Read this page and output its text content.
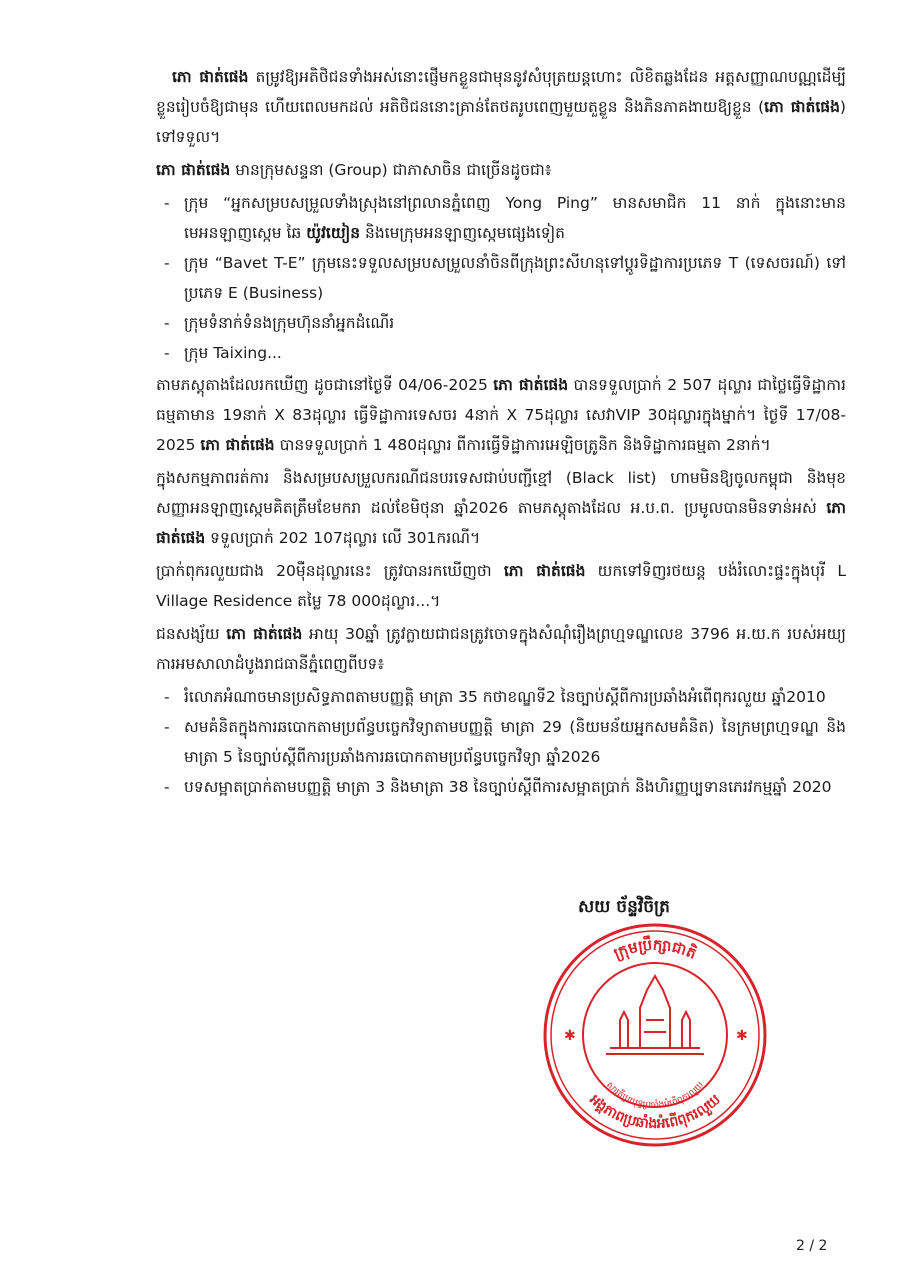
ភោ ផាត់ផេង តម្រូវឱ្យអតិថិជនទាំងអស់នោះផ្ញើមកខ្លួនជាមុននូវសំបុត្រយន្តហោះ លិខិតឆ្លងដែន អត្តសញ្ញាណបណ្ណដើម្បីខ្លួនរៀបចំឱ្យជាមុន ហើយពេលមកដល់ អតិថិជននោះគ្រាន់តែថតរូបពេញមួយតួខ្លួន និងភិនភាគងាយឱ្យខ្លួន (ភោ ផាត់ផេង) ទៅទទួល។

ភោ ផាត់ផេង មានក្រុមសន្ទនា (Group) ជាភាសាចិន ជាច្រើនដូចជា៖

- ក្រុម “អ្នកសម្របសម្រួលទាំងស្រុងនៅព្រលានភ្នំពេញ Yong Ping” មានសមាជិក 11 នាក់ ក្នុងនោះមានមេអនឡាញស្កេម ឆៃ យ៉ូវយៀន និងមេក្រុមអនឡាញស្កេមផ្សេងទៀត
- ក្រុម “Bavet T-E” ក្រុមនេះទទួលសម្របសម្រួលនាំចិនពីក្រុងព្រះសីហនុទៅប្តូរទិដ្ឋាការប្រភេទ T (ទេសចរណ៍) ទៅប្រភេទ E (Business)
- ក្រុមទំនាក់ទំនងក្រុមហ៊ុននាំអ្នកដំណើរ
- ក្រុម Taixing...

តាមភស្តុតាងដែលរកឃើញ ដូចជានៅថ្ងៃទី 04/06-2025 ភោ ផាត់ផេង បានទទួលប្រាក់ 2 507 ដុល្លារ ជាថ្លៃធ្វើទិដ្ឋាការធម្មតាមាន 19នាក់ X 83ដុល្លារ ធ្វើទិដ្ឋាការទេសចរ 4នាក់ X 75ដុល្លារ សេវាVIP 30ដុល្លារក្នុងម្នាក់។ ថ្ងៃទី 17/08-2025 ភោ ផាត់ផេង បានទទួលប្រាក់ 1 480ដុល្លារ ពីការធ្វើទិដ្ឋាការអេឡិចត្រូនិក និងទិដ្ឋាការធម្មតា 2នាក់។

ក្នុងសកម្មភាពរត់ការ និងសម្របសម្រួលករណីជនបរទេសជាប់បញ្ជីខ្មៅ (Black list) ហាមមិនឱ្យចូលកម្ពុជា និងមុខសញ្ញាអនឡាញស្កេមគិតត្រឹមខែមករា ដល់ខែមិថុនា ឆ្នាំ2026 តាមភស្តុតាងដែល អ.ប.ព. ប្រមូលបានមិនទាន់អស់ ភោ ផាត់ផេង ទទួលប្រាក់ 202 107ដុល្លារ លើ 301ករណី។

ប្រាក់ពុករលួយជាង 20ម៉ឺនដុល្លារនេះ ត្រូវបានរកឃើញថា ភោ ផាត់ផេង យកទៅទិញរថយន្ត បង់រំលោះផ្ទះក្នុងបុរី L Village Residence តម្លៃ 78 000ដុល្លារ...។

ជនសង្ស័យ ភោ ផាត់ផេង អាយុ 30ឆ្នាំ ត្រូវក្លាយជាជនត្រូវចោទក្នុងសំណុំរឿងព្រហ្មទណ្ឌលេខ 3796 អ.យ.ក របស់អយ្យការអមសាលាដំបូងរាជធានីភ្នំពេញពីបទ៖

- រំលោភអំណាចមានប្រសិទ្ធភាពតាមបញ្ញត្តិ មាត្រា 35 កថាខណ្ឌទី2 នៃច្បាប់ស្តីពីការប្រឆាំងអំពើពុករលួយ ឆ្នាំ2010
- សមគំនិតក្នុងការឆបោកតាមប្រព័ន្ធបច្ចេកវិទ្យាតាមបញ្ញត្តិ មាត្រា 29 (និយមន័យអ្នកសមគំនិត) នៃក្រមព្រហ្មទណ្ឌ និង មាត្រា 5 នៃច្បាប់ស្តីពីការប្រឆាំងការឆបោកតាមប្រព័ន្ធបច្ចេកវិទ្យា ឆ្នាំ2026
- បទសម្អាតប្រាក់តាមបញ្ញត្តិ មាត្រា 3 និងមាត្រា 38 នៃច្បាប់ស្តីពីការសម្អាតប្រាក់ និងហិរញ្ញប្បទានភេរវកម្មឆ្នាំ 2020
សយ ច័ន្ទវិចិត្រ
ក្រុមប្រឹក្សាជាតិ
អង្គភាពប្រឆាំងអំពើពុករលួយ
ស្មារតីប្រយុទ្ធប្រឆាំងអំពើពុករលួយ
✱	✱
2 / 2
